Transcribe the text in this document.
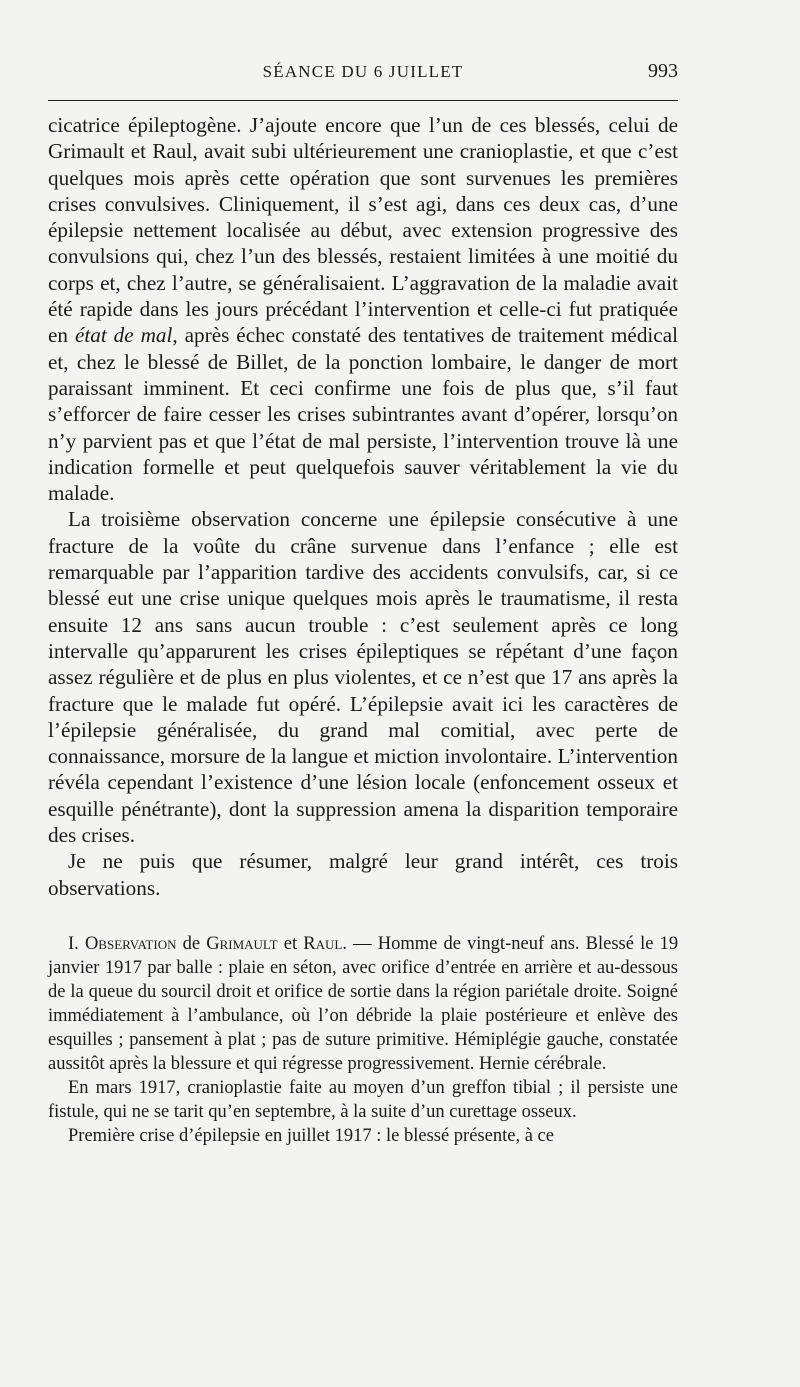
SÉANCE DU 6 JUILLET	993

cicatrice épileptogène. J’ajoute encore que l’un de ces blessés, celui de Grimault et Raul, avait subi ultérieurement une cranioplastie, et que c’est quelques mois après cette opération que sont survenues les premières crises convulsives. Cliniquement, il s’est agi, dans ces deux cas, d’une épilepsie nettement localisée au début, avec extension progressive des convulsions qui, chez l’un des blessés, restaient limitées à une moitié du corps et, chez l’autre, se généralisaient. L’aggravation de la maladie avait été rapide dans les jours précédant l’intervention et celle-ci fut pratiquée en état de mal, après échec constaté des tentatives de traitement médical et, chez le blessé de Billet, de la ponction lombaire, le danger de mort paraissant imminent. Et ceci confirme une fois de plus que, s’il faut s’efforcer de faire cesser les crises subintrantes avant d’opérer, lorsqu’on n’y parvient pas et que l’état de mal persiste, l’intervention trouve là une indication formelle et peut quelquefois sauver véritablement la vie du malade.

La troisième observation concerne une épilepsie consécutive à une fracture de la voûte du crâne survenue dans l’enfance ; elle est remarquable par l’apparition tardive des accidents convulsifs, car, si ce blessé eut une crise unique quelques mois après le traumatisme, il resta ensuite 12 ans sans aucun trouble : c’est seulement après ce long intervalle qu’apparurent les crises épileptiques se répétant d’une façon assez régulière et de plus en plus violentes, et ce n’est que 17 ans après la fracture que le malade fut opéré. L’épilepsie avait ici les caractères de l’épilepsie généralisée, du grand mal comitial, avec perte de connaissance, morsure de la langue et miction involontaire. L’intervention révéla cependant l’existence d’une lésion locale (enfoncement osseux et esquille pénétrante), dont la suppression amena la disparition temporaire des crises.

Je ne puis que résumer, malgré leur grand intérêt, ces trois observations.

I. Observation de Grimault et Raul. — Homme de vingt-neuf ans. Blessé le 19 janvier 1917 par balle : plaie en séton, avec orifice d’entrée en arrière et au-dessous de la queue du sourcil droit et orifice de sortie dans la région pariétale droite. Soigné immédiatement à l’ambulance, où l’on débride la plaie postérieure et enlève des esquilles ; pansement à plat ; pas de suture primitive. Hémiplégie gauche, constatée aussitôt après la blessure et qui régresse progressivement. Hernie cérébrale.

En mars 1917, cranioplastie faite au moyen d’un greffon tibial ; il persiste une fistule, qui ne se tarit qu’en septembre, à la suite d’un curettage osseux.

Première crise d’épilepsie en juillet 1917 : le blessé présente, à ce
